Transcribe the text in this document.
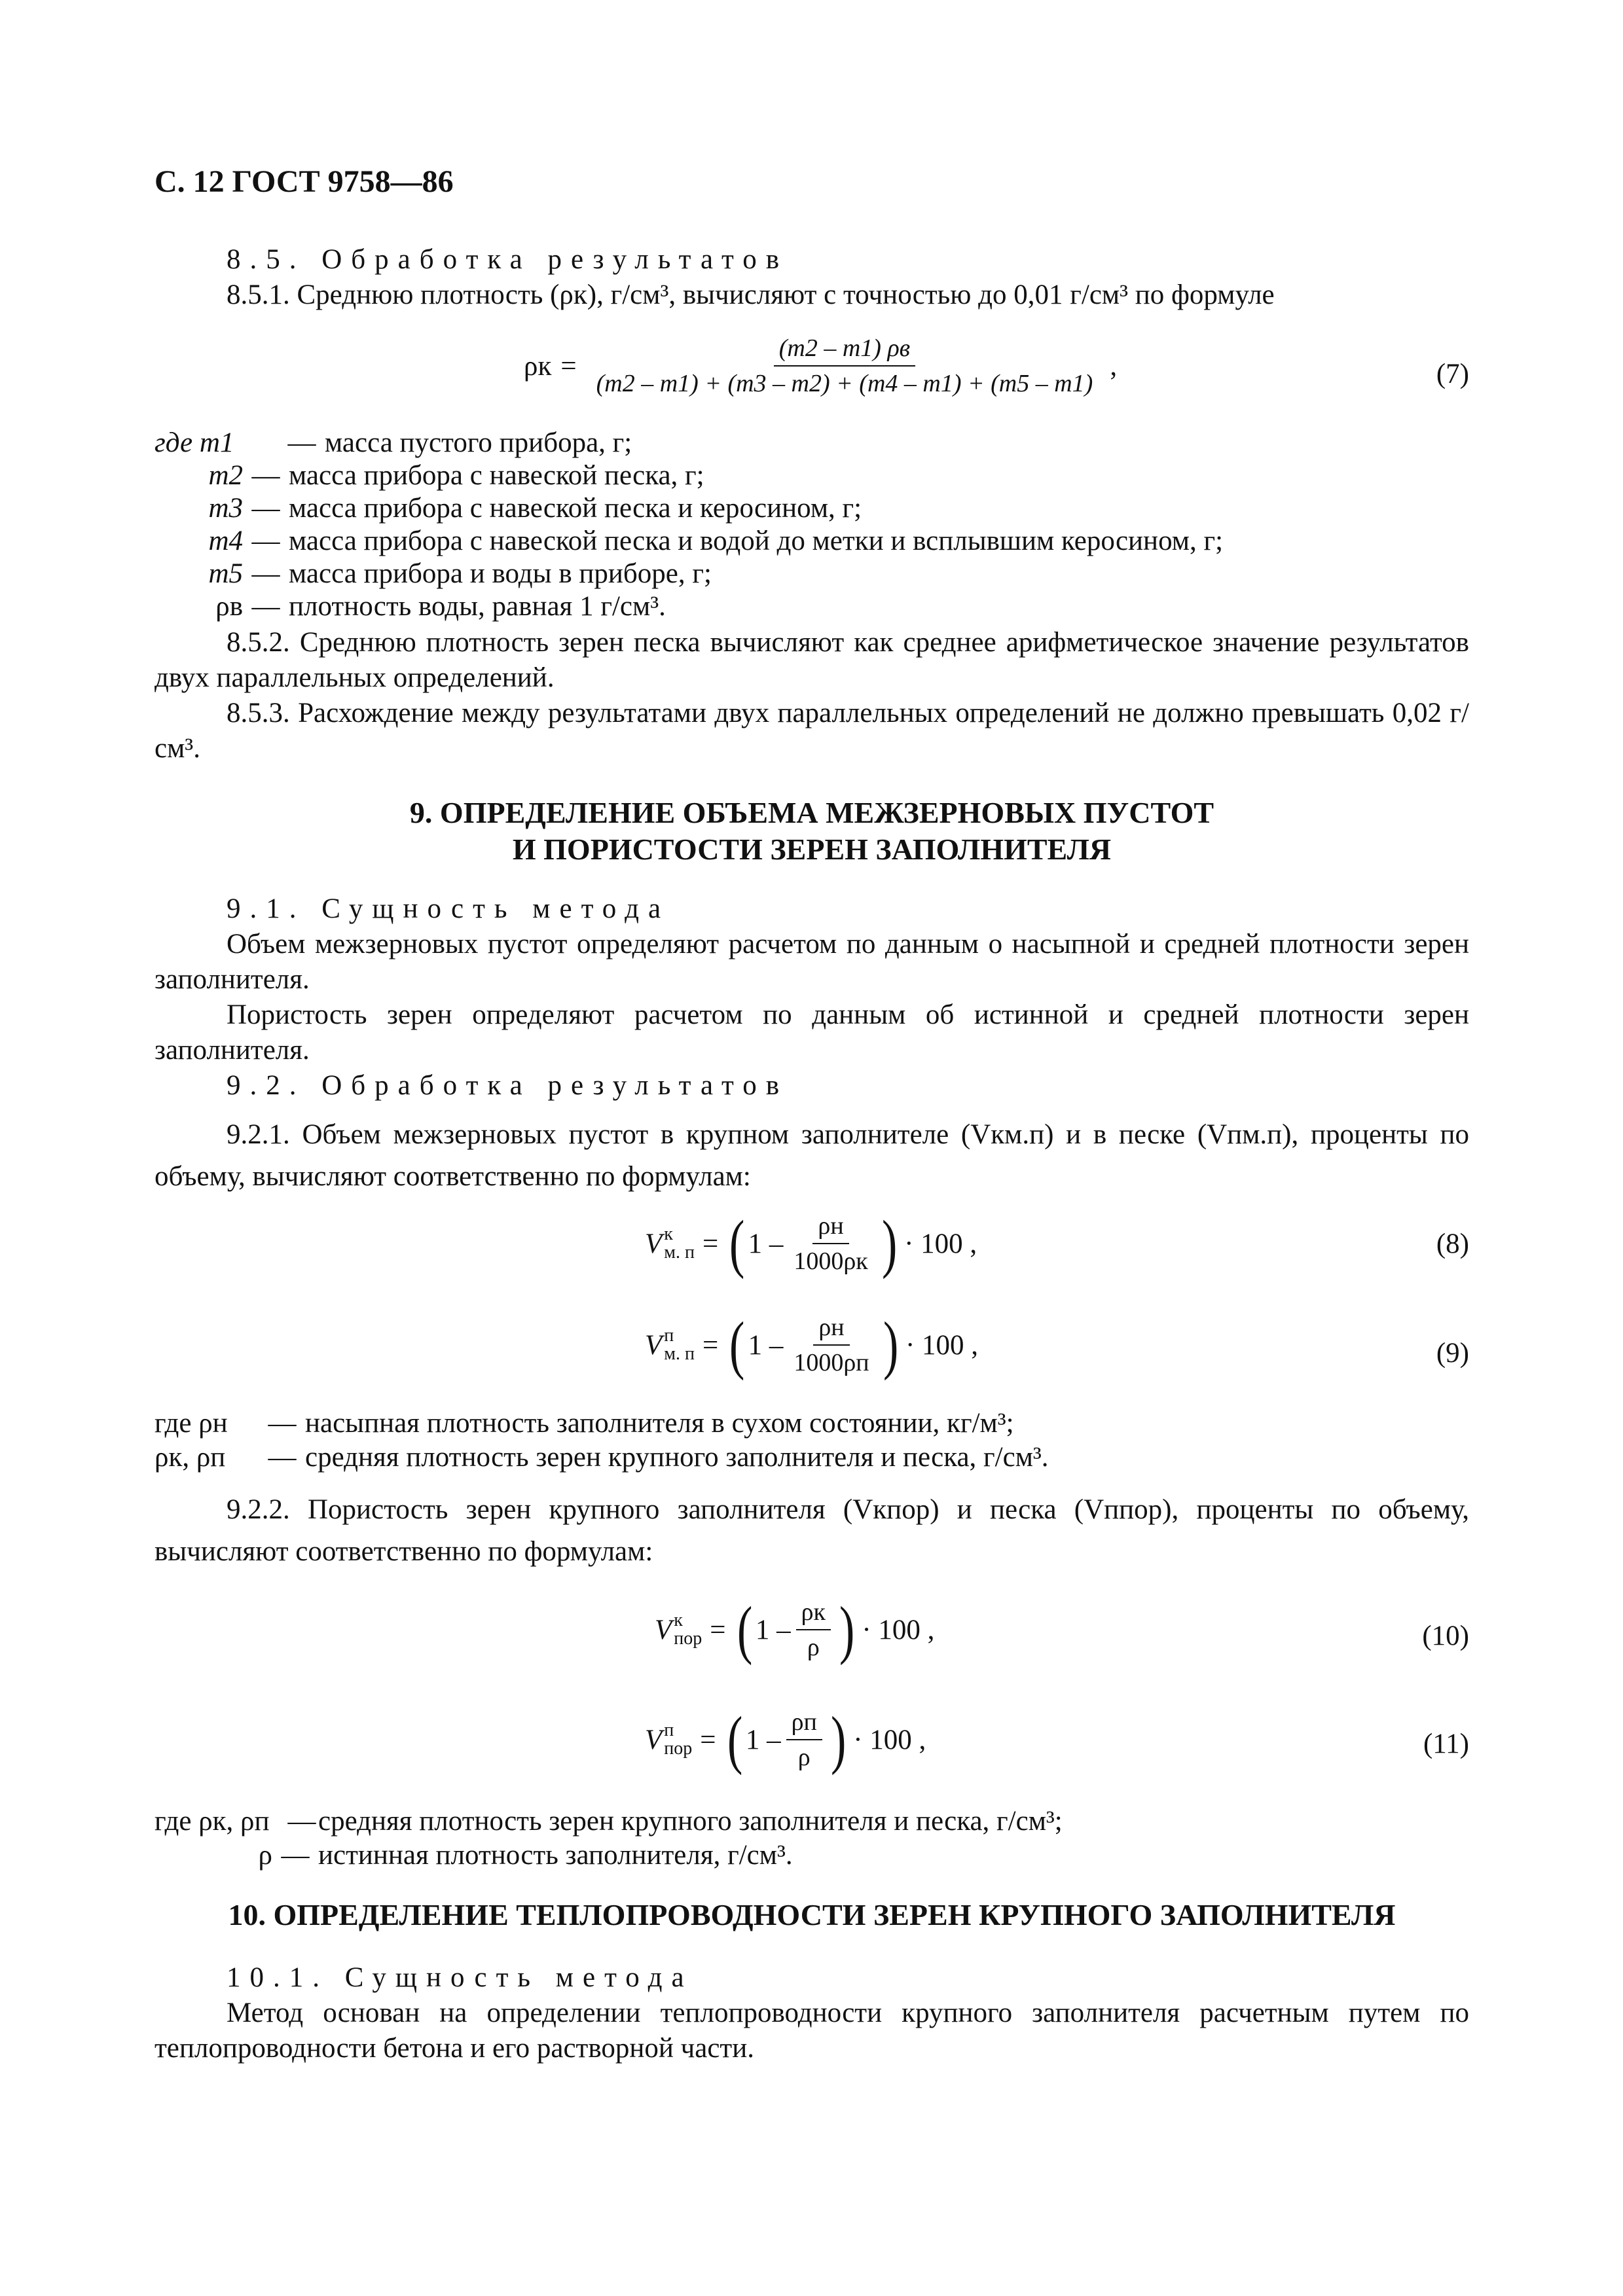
С. 12 ГОСТ 9758—86
8.5. Обработка результатов
8.5.1. Среднюю плотность (ρк), г/см³, вычисляют с точностью до 0,01 г/см³ по формуле
$\rho к = \frac{(m2 - m1) \rho в}{(m2 - m1) + (m3 - m2) + (m4 - m1) + (m5 - m1)}$ ,	(7)
где m1 — масса пустого прибора, г;
m2 — масса прибора с навеской песка, г;
m3 — масса прибора с навеской песка и керосином, г;
m4 — масса прибора с навеской песка и водой до метки и всплывшим керосином, г;
m5 — масса прибора и воды в приборе, г;
ρв — плотность воды, равная 1 г/см³.
8.5.2. Среднюю плотность зерен песка вычисляют как среднее арифметическое значение результатов двух параллельных определений.
8.5.3. Расхождение между результатами двух параллельных определений не должно превышать 0,02 г/см³.
9. ОПРЕДЕЛЕНИЕ ОБЪЕМА МЕЖЗЕРНОВЫХ ПУСТОТ
И ПОРИСТОСТИ ЗЕРЕН ЗАПОЛНИТЕЛЯ
9.1. Сущность метода
Объем межзерновых пустот определяют расчетом по данным о насыпной и средней плотности зерен заполнителя.
Пористость зерен определяют расчетом по данным об истинной и средней плотности зерен заполнителя.
9.2. Обработка результатов
9.2.1. Объем межзерновых пустот в крупном заполнителе (Vкм.п) и в песке (Vпм.п), проценты по объему, вычисляют соответственно по формулам:
V к
м. п = ( $1 - \frac{\rho н}{1000\rho к}$ ) · 100 ,	(8)
V п
м. п = ( $1 - \frac{\rho н}{1000\rho п}$ ) · 100 ,	(9)
где ρн — насыпная плотность заполнителя в сухом состоянии, кг/м³;
ρк, ρп — средняя плотность зерен крупного заполнителя и песка, г/см³.
9.2.2. Пористость зерен крупного заполнителя (Vкпор) и песка (Vппор), проценты по объему, вычисляют соответственно по формулам:
V к
пор = ( $1 - \frac{\rho к}{\rho}$ ) · 100 ,	(10)
V п
пор = ( $1 - \frac{\rho п}{\rho}$ ) · 100 ,	(11)
где ρк, ρп —средняя плотность зерен крупного заполнителя и песка, г/см³;
ρ — истинная плотность заполнителя, г/см³.
10. ОПРЕДЕЛЕНИЕ ТЕПЛОПРОВОДНОСТИ ЗЕРЕН КРУПНОГО ЗАПОЛНИТЕЛЯ
10.1. Сущность метода
Метод основан на определении теплопроводности крупного заполнителя расчетным путем по теплопроводности бетона и его растворной части.
